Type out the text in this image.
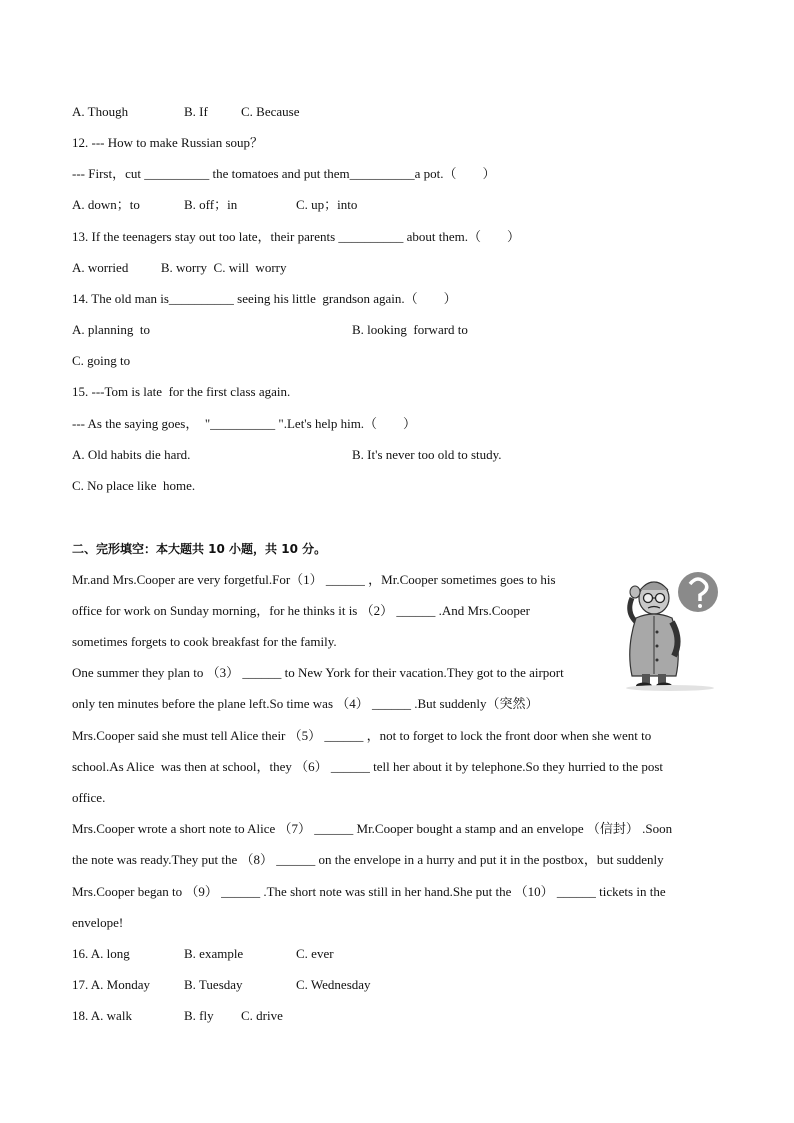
A. Though	B. If	C. Because
12. --- How to make Russian soup？
--- First，cut __________ the tomatoes and put them__________a pot.（        ）
A. down；to	B. off；in	C. up；into
13. If the teenagers stay out too late，their parents __________ about them.（        ）
A. worried          B. worry  C. will  worry
14. The old man is__________ seeing his little  grandson again.（        ）
A. planning  to	B. looking  forward to
C. going to
15. ---Tom is late  for the first class again.
--- As the saying goes，  "__________ ".Let's help him.（        ）
A. Old habits die hard.	B. It's never too old to study.
C. No place like  home.
二、完形填空：本大题共 10 小题，共 10 分。
Mr.and Mrs.Cooper are very forgetful.For（1） ______ ，Mr.Cooper sometimes goes to his
office for work on Sunday morning，for he thinks it is （2） ______ .And Mrs.Cooper
sometimes forgets to cook breakfast for the family.
One summer they plan to （3） ______ to New York for their vacation.They got to the airport
only ten minutes before the plane left.So time was （4） ______ .But suddenly（突然）
Mrs.Cooper said she must tell Alice their （5） ______ ，not to forget to lock the front door when she went to
school.As Alice  was then at school，they （6） ______ tell her about it by telephone.So they hurried to the post
office.
Mrs.Cooper wrote a short note to Alice （7） ______ Mr.Cooper bought a stamp and an envelope （信封） .Soon
the note was ready.They put the （8） ______ on the envelope in a hurry and put it in the postbox，but suddenly
Mrs.Cooper began to （9） ______ .The short note was still in her hand.She put the （10） ______ tickets in the
envelope!
16. A. long	B. example	C. ever
17. A. Monday	B. Tuesday	C. Wednesday
18. A. walk	B. fly C. drive
